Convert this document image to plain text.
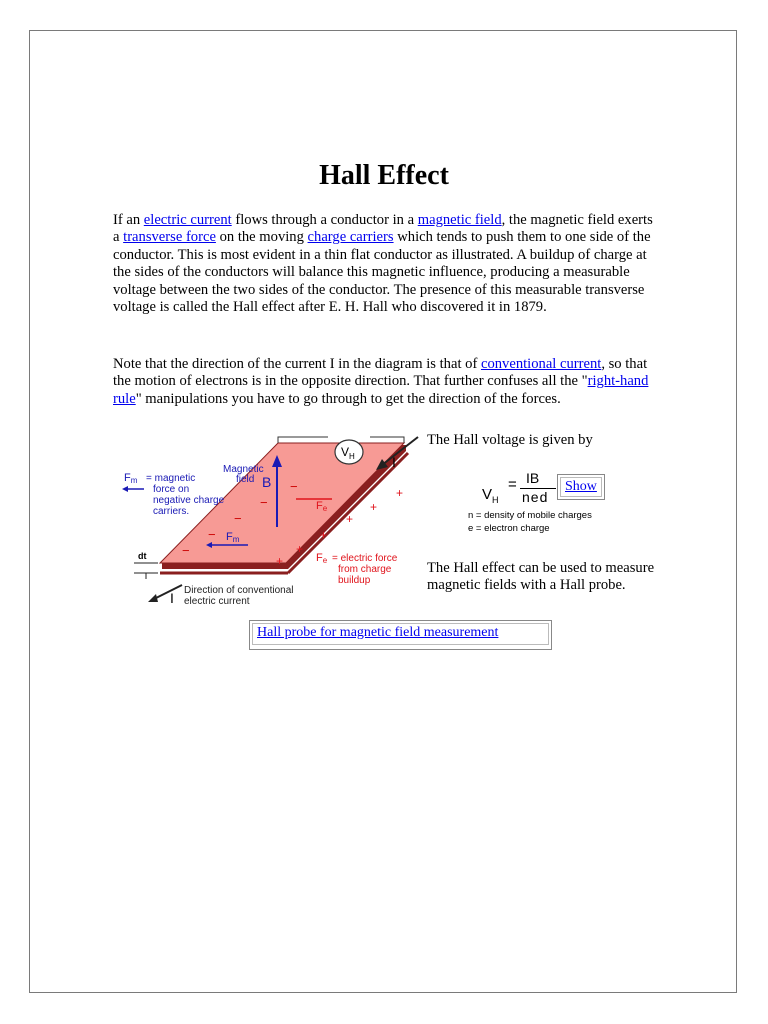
Hall Effect

If an electric current flows through a conductor in a magnetic field, the magnetic field exerts a transverse force on the moving charge carriers which tends to push them to one side of the conductor. This is most evident in a thin flat conductor as illustrated. A buildup of charge at the sides of the conductors will balance this magnetic influence, producing a measurable voltage between the two sides of the conductor. The presence of this measurable transverse voltage is called the Hall effect after E. H. Hall who discovered it in 1879.

Note that the direction of the current I in the diagram is that of conventional current, so that the motion of electrons is in the opposite direction. That further confuses all the "right-hand rule" manipulations you have to go through to get the direction of the forces.

$V_H$	I
I
Magnetic field B
Fm = magnetic force on negative charge carriers.	Fe
Fm
−
−
−
−
−
+
+
+
+
+
+	Fe = electric force from charge buildup
Direction of conventional electric current
dt
The Hall voltage is given by
$V_H$
= IB
ned
n = density of mobile charges
e = electron charge
Show
The Hall effect can be used to measure magnetic fields with a Hall probe.
Hall probe for magnetic field measurement
